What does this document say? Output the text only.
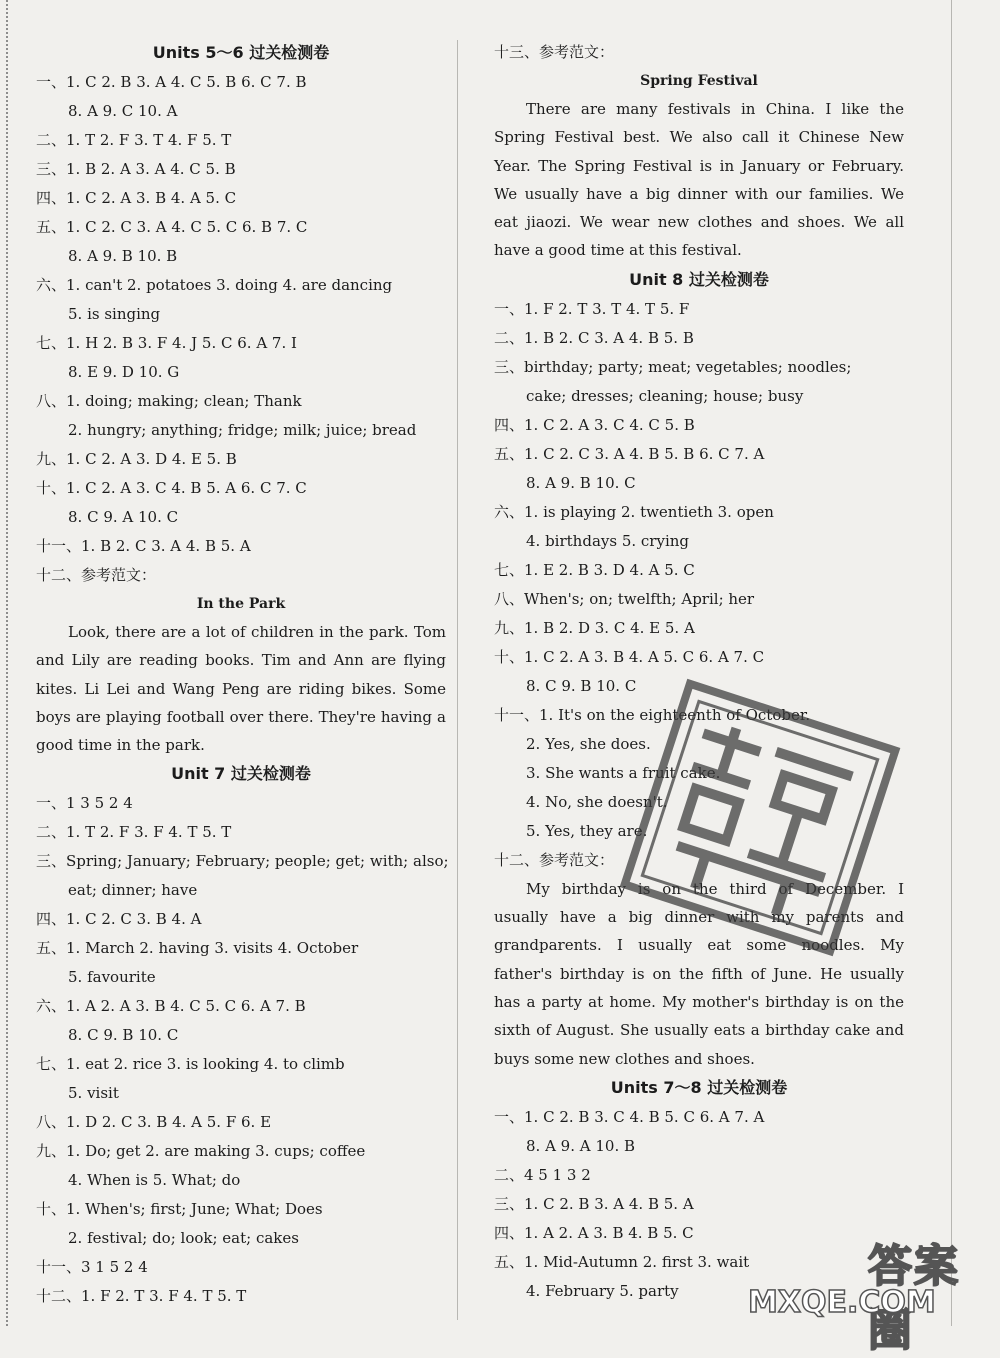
Units 5～6 过关检测卷
一、1. C 2. B 3. A 4. C 5. B 6. C 7. B
8. A 9. C 10. A
二、1. T 2. F 3. T 4. F 5. T
三、1. B 2. A 3. A 4. C 5. B
四、1. C 2. A 3. B 4. A 5. C
五、1. C 2. C 3. A 4. C 5. C 6. B 7. C
8. A 9. B 10. B
六、1. can't 2. potatoes 3. doing 4. are dancing
5. is singing
七、1. H 2. B 3. F 4. J 5. C 6. A 7. I
8. E 9. D 10. G
八、1. doing; making; clean; Thank
2. hungry; anything; fridge; milk; juice; bread
九、1. C 2. A 3. D 4. E 5. B
十、1. C 2. A 3. C 4. B 5. A 6. C 7. C
8. C 9. A 10. C
十一、1. B 2. C 3. A 4. B 5. A
十二、参考范文：
In the Park
Look, there are a lot of children in the park. Tom and Lily are reading books. Tim and Ann are flying kites. Li Lei and Wang Peng are riding bikes. Some boys are playing football over there. They're having a good time in the park.
Unit 7 过关检测卷
一、1 3 5 2 4
二、1. T 2. F 3. F 4. T 5. T
三、Spring; January; February; people; get; with; also;
eat; dinner; have
四、1. C 2. C 3. B 4. A
五、1. March 2. having 3. visits 4. October
5. favourite
六、1. A 2. A 3. B 4. C 5. C 6. A 7. B
8. C 9. B 10. C
七、1. eat 2. rice 3. is looking 4. to climb
5. visit
八、1. D 2. C 3. B 4. A 5. F 6. E
九、1. Do; get 2. are making 3. cups; coffee
4. When is 5. What; do
十、1. When's; first; June; What; Does
2. festival; do; look; eat; cakes
十一、3 1 5 2 4
十二、1. F 2. T 3. F 4. T 5. T
十三、参考范文：
Spring Festival
There are many festivals in China. I like the Spring Festival best. We also call it Chinese New Year. The Spring Festival is in January or February. We usually have a big dinner with our families. We eat jiaozi. We wear new clothes and shoes. We all have a good time at this festival.
Unit 8 过关检测卷
一、1. F 2. T 3. T 4. T 5. F
二、1. B 2. C 3. A 4. B 5. B
三、birthday; party; meat; vegetables; noodles;
cake; dresses; cleaning; house; busy
四、1. C 2. A 3. C 4. C 5. B
五、1. C 2. C 3. A 4. B 5. B 6. C 7. A
8. A 9. B 10. C
六、1. is playing 2. twentieth 3. open
4. birthdays 5. crying
七、1. E 2. B 3. D 4. A 5. C
八、When's; on; twelfth; April; her
九、1. B 2. D 3. C 4. E 5. A
十、1. C 2. A 3. B 4. A 5. C 6. A 7. C
8. C 9. B 10. C
十一、1. It's on the eighteenth of October.
2. Yes, she does.
3. She wants a fruit cake.
4. No, she doesn't.
5. Yes, they are.
十二、参考范文：
My birthday is on the third of December. I usually have a big dinner with my parents and grandparents. I usually eat some noodles. My father's birthday is on the fifth of June. He usually has a party at home. My mother's birthday is on the sixth of August. She usually eats a birthday cake and buys some new clothes and shoes.
Units 7～8 过关检测卷
一、1. C 2. B 3. C 4. B 5. C 6. A 7. A
8. A 9. A 10. B
二、4 5 1 3 2
三、1. C 2. B 3. A 4. B 5. A
四、1. A 2. A 3. B 4. B 5. C
五、1. Mid-Autumn 2. first 3. wait
4. February 5. party	答案圈
MXQE.COM
